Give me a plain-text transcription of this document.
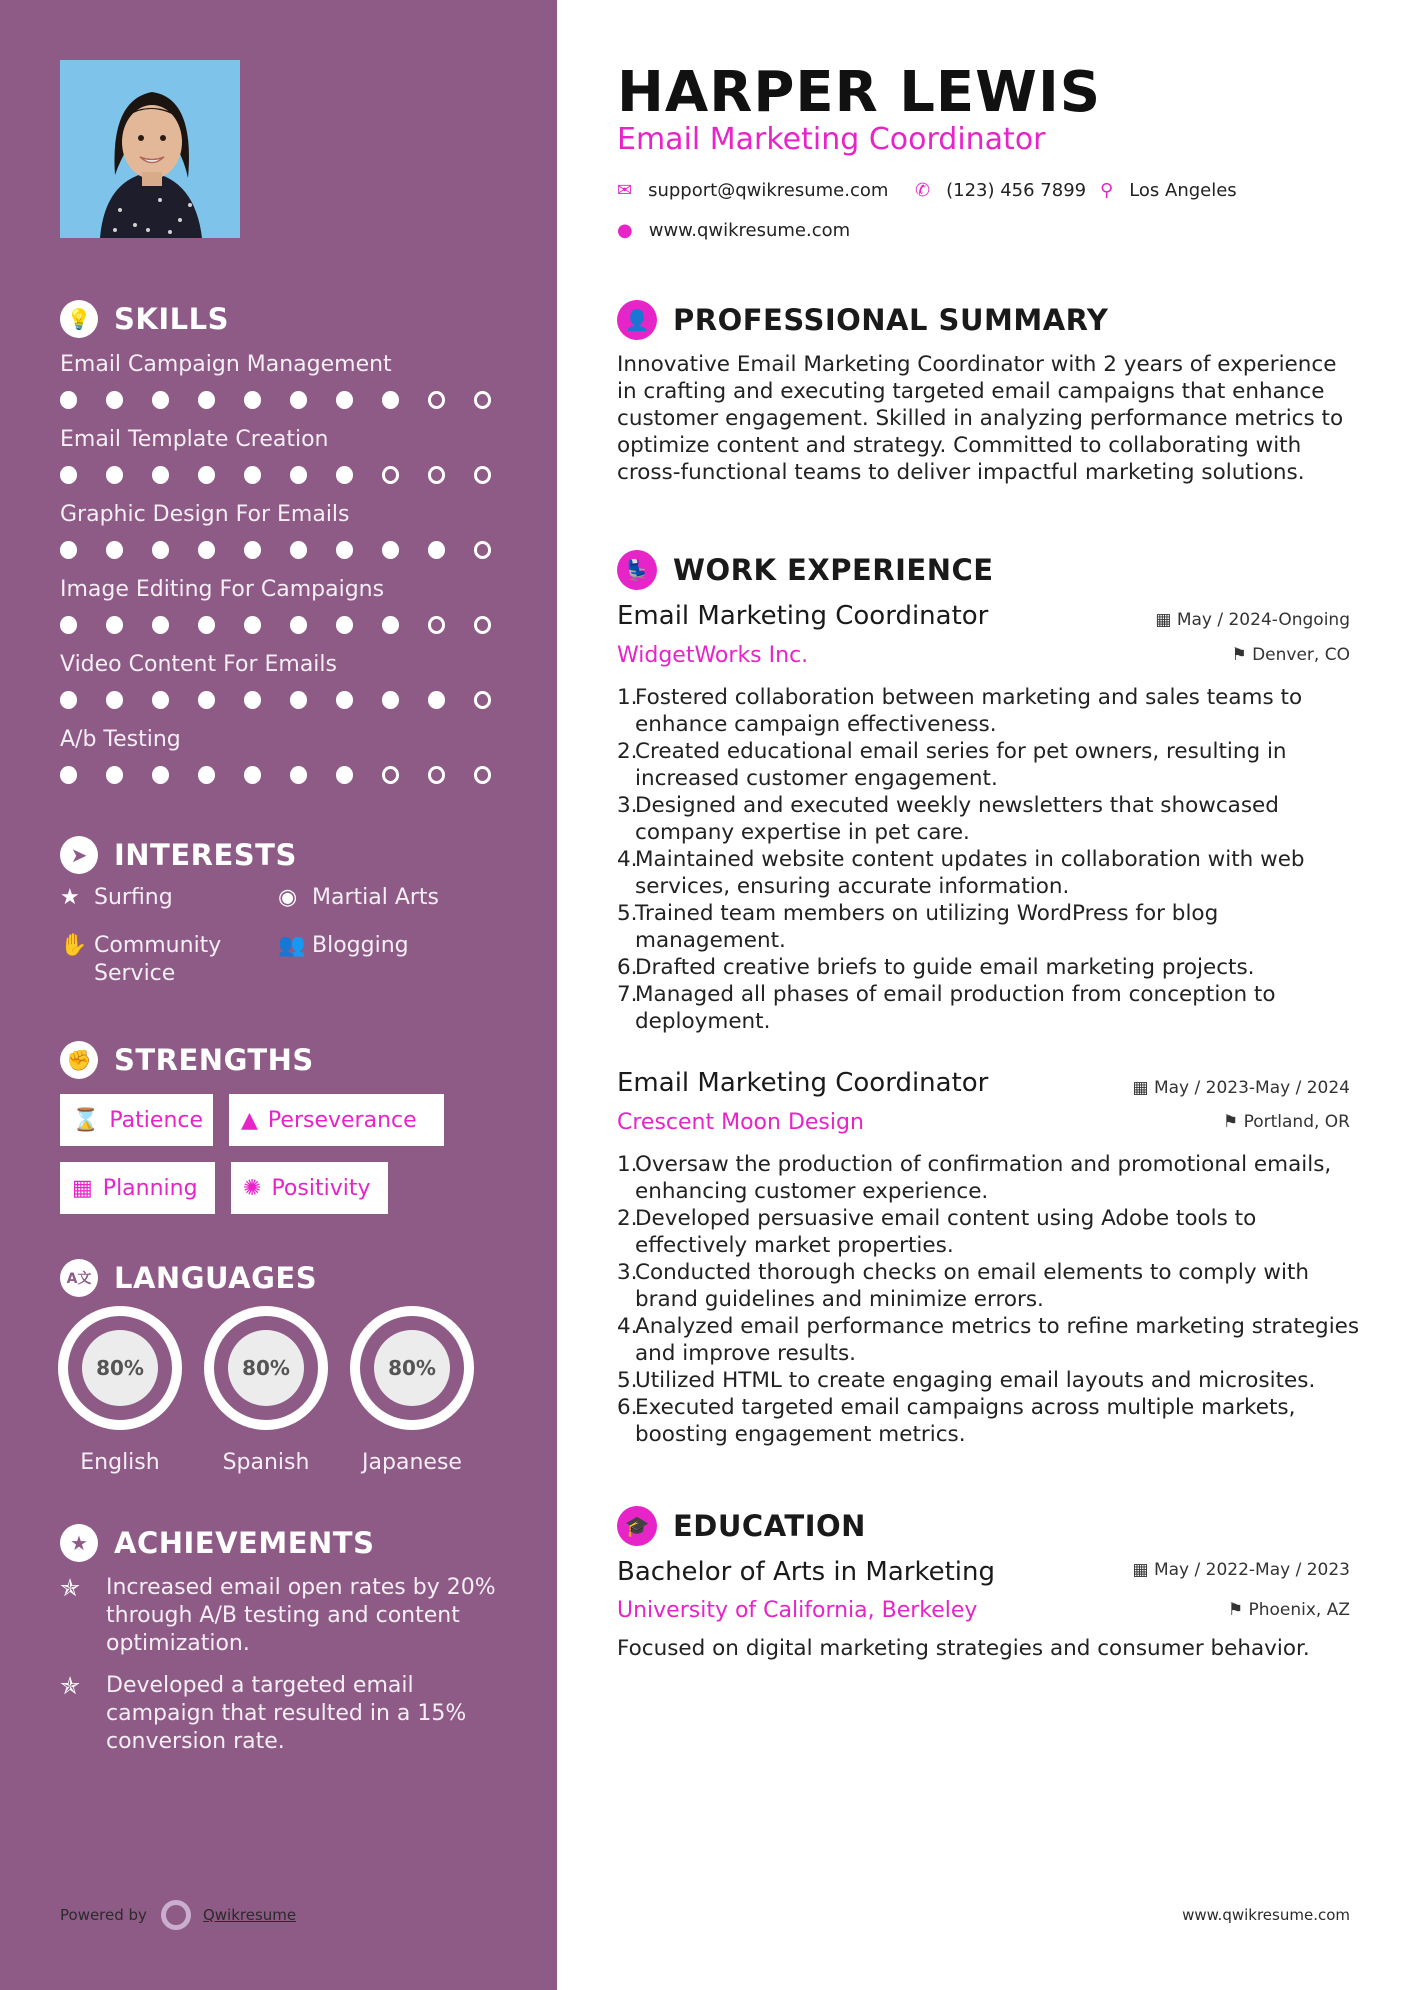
💡 SKILLS
Email Campaign Management
Email Template Creation
Graphic Design For Emails
Image Editing For Campaigns
Video Content For Emails
A/b Testing
➤ INTERESTS
★ Surfing	◉ Martial Arts
✋ Community Service
👥 Blogging
✊ STRENGTHS
⌛ Patience ▲ Perseverance
▦ Planning ✺ Positivity
A文 LANGUAGES
80%
English
80%
Spanish
80%
Japanese
★ ACHIEVEMENTS
✯	Increased email open rates by 20% through A/B testing and content optimization.
✯	Developed a targeted email campaign that resulted in a 15% conversion rate.
Powered by	Qwikresume
HARPER LEWIS
Email Marketing Coordinator
✉ support@qwikresume.com ✆ (123) 456 7899 ⚲ Los Angeles
● www.qwikresume.com
👤 PROFESSIONAL SUMMARY
Innovative Email Marketing Coordinator with 2 years of experience in crafting and executing targeted email campaigns that enhance customer engagement. Skilled in analyzing performance metrics to optimize content and strategy. Committed to collaborating with cross-functional teams to deliver impactful marketing solutions.
💺 WORK EXPERIENCE
Email Marketing Coordinator	▦ May / 2024-Ongoing
WidgetWorks Inc.	⚑ Denver, CO
1.
Fostered collaboration between marketing and sales teams to enhance campaign effectiveness.
2.
Created educational email series for pet owners, resulting in increased customer engagement.
3.
Designed and executed weekly newsletters that showcased company expertise in pet care.
4.
Maintained website content updates in collaboration with web services, ensuring accurate information.
5.
Trained team members on utilizing WordPress for blog management.
6.
Drafted creative briefs to guide email marketing projects.
7.
Managed all phases of email production from conception to deployment.
Email Marketing Coordinator	▦ May / 2023-May / 2024
Crescent Moon Design	⚑ Portland, OR
1.
Oversaw the production of confirmation and promotional emails, enhancing customer experience.
2.
Developed persuasive email content using Adobe tools to effectively market properties.
3.
Conducted thorough checks on email elements to comply with brand guidelines and minimize errors.
4.
Analyzed email performance metrics to refine marketing strategies and improve results.
5.
Utilized HTML to create engaging email layouts and microsites.
6.
Executed targeted email campaigns across multiple markets, boosting engagement metrics.
🎓 EDUCATION
Bachelor of Arts in Marketing	▦ May / 2022-May / 2023
University of California, Berkeley	⚑ Phoenix, AZ
Focused on digital marketing strategies and consumer behavior.
www.qwikresume.com
